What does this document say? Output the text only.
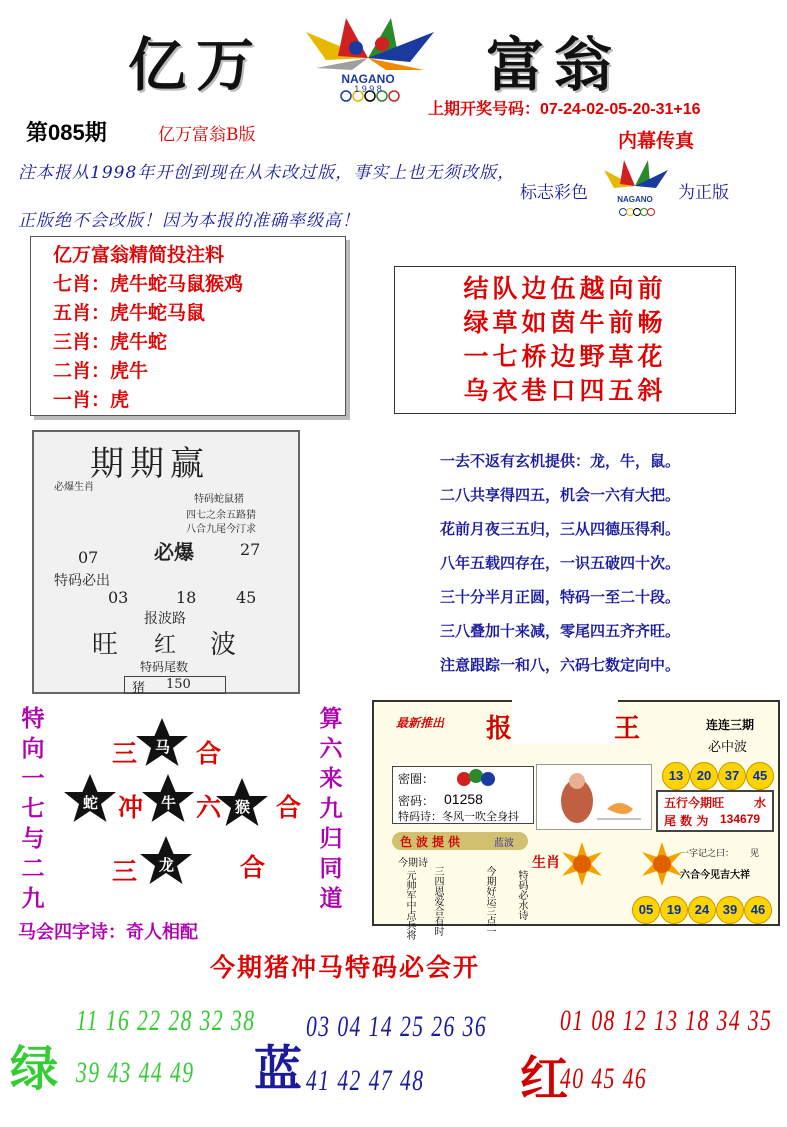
亿万	NAGANO
1 9 9 8	富翁
第085期	亿万富翁B版
上期开奖号码：07-24-02-05-20-31+16
内幕传真
注本报从1998年开创到现在从未改过版，事实上也无须改版，
正版绝不会改版！因为本报的准确率级高！
标志彩色	NAGANO 为正版
亿万富翁精简投注料
七肖：虎牛蛇马鼠猴鸡
五肖：虎牛蛇马鼠
三肖：虎牛蛇
二肖：虎牛
一肖：虎
结队边伍越向前
绿草如茵牛前畅
一七桥边野草花
乌衣巷口四五斜
期期赢
必爆生肖
特码蛇鼠猪
四七之余五路猜
八合九尾今汀求
07	必爆	27
特码必出
03	18 45
报波路
旺 红 波
特码尾数
猪 150
一去不返有玄机提供：龙，牛，鼠。
二八共享得四五，机会一六有大把。
花前月夜三五归，三从四德压得利。
八年五载四存在，一识五破四十次。
三十分半月正圆，特码一至二十段。
三八叠加十来减，零尾四五齐齐旺。
注意跟踪一和八，六码七数定向中。
特
向
一
七
与
二
九
算
六
来
九
归
同
道
三 马 合
蛇 冲 牛 六 猴 合
三 龙	合
马会四字诗：奇人相配
最新推出 报	王	连连三期
必中波
13	20	37	45
密圈：
密码： 01258
特码诗：冬风一吹全身抖
五行今期旺 水
尾 数 为 134679
色波提供	蓝波
今期诗
元帅军中点兵将 三四恩爱合有时	今期好运三点一 特码必水诗
生肖
一字记之曰： 见
六合今见吉大祥
05	19	24	39	46
今期猪冲马特码必会开
绿
11 16 22 28 32 38
39 43 44 49 蓝
03 04 14 25 26 36
41 42 47 48 红
01 08 12 13 18 34 35
40 45 46
